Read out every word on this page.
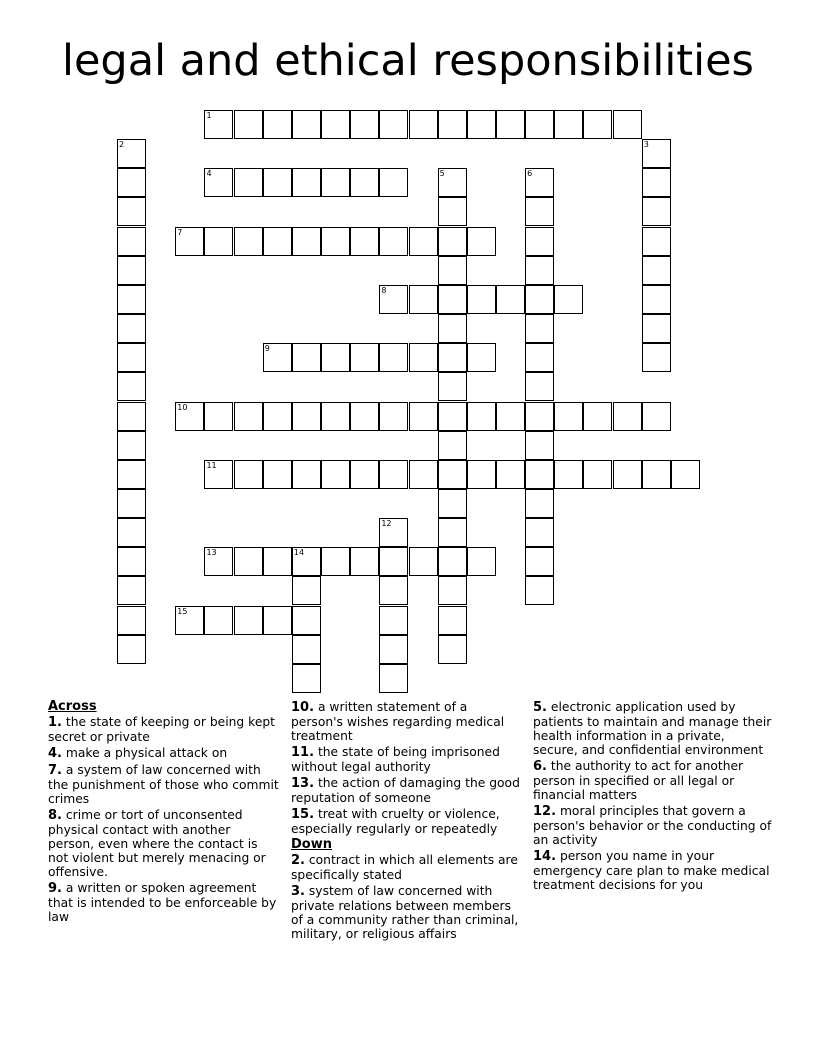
legal and ethical responsibilities
1
2	3
4	5	6
7
8
9
10
11
12
13	14
15
Across
1. the state of keeping or being kept secret or private
4. make a physical attack on
7. a system of law concerned with the punishment of those who commit crimes
8. crime or tort of unconsented physical contact with another person, even where the contact is not violent but merely menacing or offensive.
9. a written or spoken agreement that is intended to be enforceable by law
10. a written statement of a person's wishes regarding medical treatment
11. the state of being imprisoned without legal authority
13. the action of damaging the good reputation of someone
15. treat with cruelty or violence, especially regularly or repeatedly
Down
2. contract in which all elements are specifically stated
3. system of law concerned with private relations between members of a community rather than criminal, military, or religious affairs
5. electronic application used by patients to maintain and manage their health information in a private, secure, and confidential environment
6. the authority to act for another person in specified or all legal or financial matters
12. moral principles that govern a person's behavior or the conducting of an activity
14. person you name in your emergency care plan to make medical treatment decisions for you
